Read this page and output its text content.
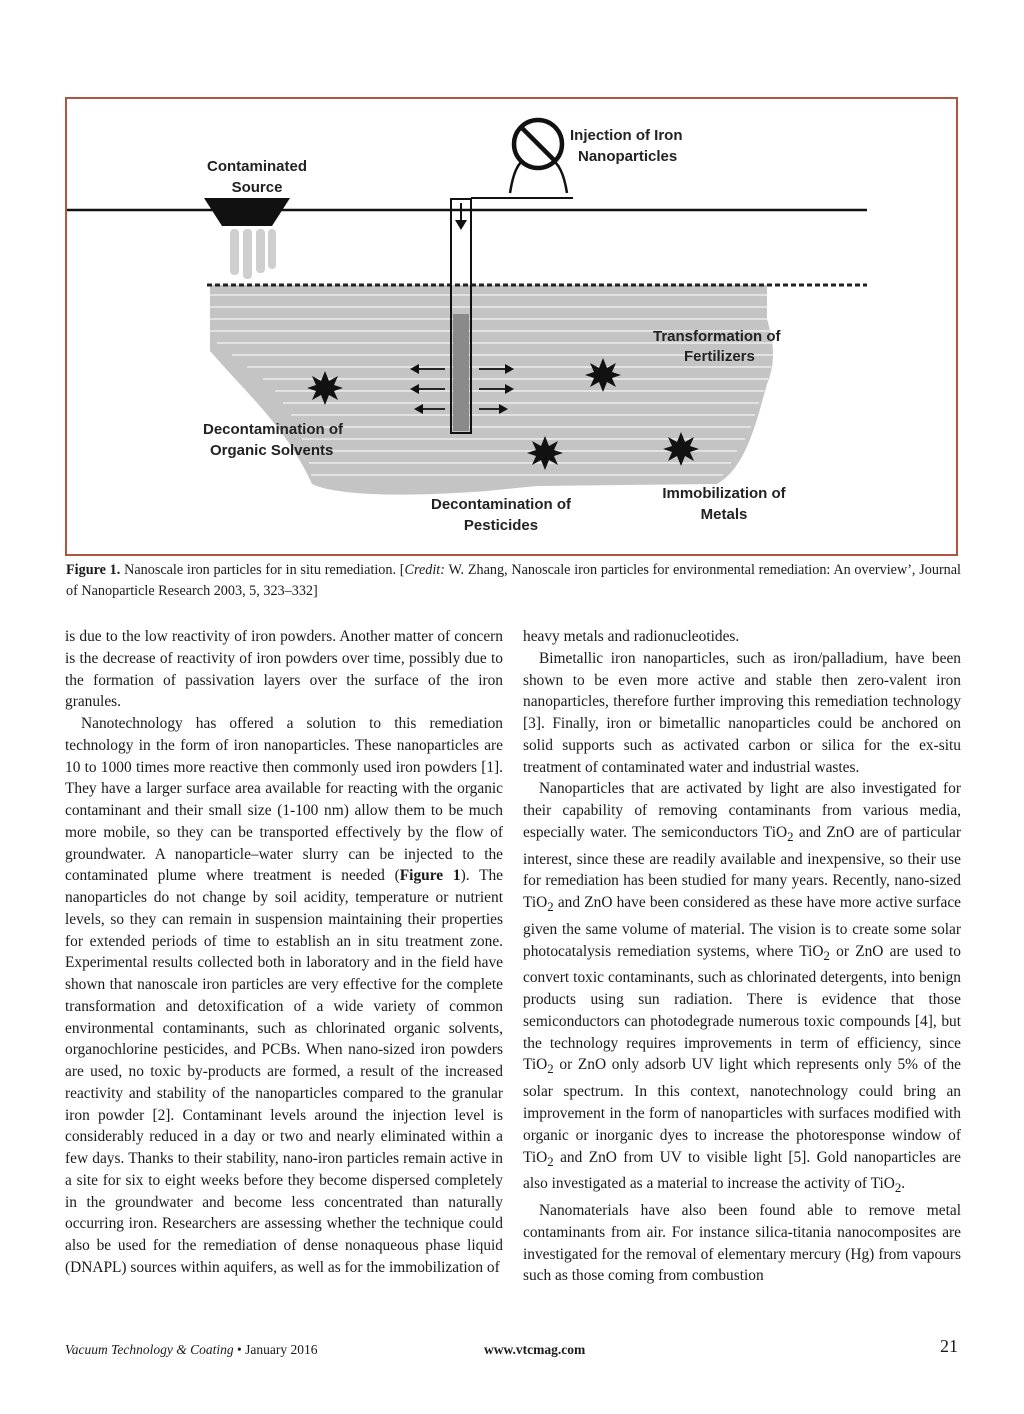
Contaminated
Source
Injection of Iron
Nanoparticles
Transformation of
Fertilizers
Decontamination of
Organic Solvents
Decontamination of
Pesticides
Immobilization of
Metals
Figure 1. Nanoscale iron particles for in situ remediation. [Credit: W. Zhang, Nanoscale iron particles for environmental remediation: An overview’, Journal of Nanoparticle Research 2003, 5, 323–332]

is due to the low reactivity of iron powders. Another matter of concern is the decrease of reactivity of iron powders over time, possibly due to the formation of passivation layers over the surface of the iron granules.

Nanotechnology has offered a solution to this remediation technology in the form of iron nanoparticles. These nanoparticles are 10 to 1000 times more reactive then commonly used iron powders [1]. They have a larger surface area available for reacting with the organic contaminant and their small size (1-100 nm) allow them to be much more mobile, so they can be transported effectively by the flow of groundwater. A nanoparticle–water slurry can be injected to the contaminated plume where treatment is needed (Figure 1). The nanoparticles do not change by soil acidity, temperature or nutrient levels, so they can remain in suspension maintaining their properties for extended periods of time to establish an in situ treatment zone. Experimental results collected both in laboratory and in the field have shown that nanoscale iron particles are very effective for the complete transformation and detoxification of a wide variety of common environmental contaminants, such as chlorinated organic solvents, organochlorine pesticides, and PCBs. When nano-sized iron powders are used, no toxic by-products are formed, a result of the increased reactivity and stability of the nanoparticles compared to the granular iron powder [2]. Contaminant levels around the injection level is considerably reduced in a day or two and nearly eliminated within a few days. Thanks to their stability, nano-iron particles remain active in a site for six to eight weeks before they become dispersed completely in the groundwater and become less concentrated than naturally occurring iron. Researchers are assessing whether the technique could also be used for the remediation of dense nonaqueous phase liquid (DNAPL) sources within aquifers, as well as for the immobilization of

heavy metals and radionucleotides.

Bimetallic iron nanoparticles, such as iron/palladium, have been shown to be even more active and stable then zero-valent iron nanoparticles, therefore further improving this remediation technology [3]. Finally, iron or bimetallic nanoparticles could be anchored on solid supports such as activated carbon or silica for the ex-situ treatment of contaminated water and industrial wastes.

Nanoparticles that are activated by light are also investigated for their capability of removing contaminants from various media, especially water. The semiconductors TiO$_2$ and ZnO are of particular interest, since these are readily available and inexpensive, so their use for remediation has been studied for many years. Recently, nano-sized TiO$_2$ and ZnO have been considered as these have more active surface given the same volume of material. The vision is to create some solar photocatalysis remediation systems, where TiO$_2$ or ZnO are used to convert toxic contaminants, such as chlorinated detergents, into benign products using sun radiation. There is evidence that those semiconductors can photodegrade numerous toxic compounds [4], but the technology requires improvements in term of efficiency, since TiO$_2$ or ZnO only adsorb UV light which represents only 5% of the solar spectrum. In this context, nanotechnology could bring an improvement in the form of nanoparticles with surfaces modified with organic or inorganic dyes to increase the photoresponse window of TiO$_2$ and ZnO from UV to visible light [5]. Gold nanoparticles are also investigated as a material to increase the activity of TiO$_2$.

Nanomaterials have also been found able to remove metal contaminants from air. For instance silica-titania nanocomposites are investigated for the removal of elementary mercury (Hg) from vapours such as those coming from combustion

Vacuum Technology & Coating • January 2016	www.vtcmag.com	21
